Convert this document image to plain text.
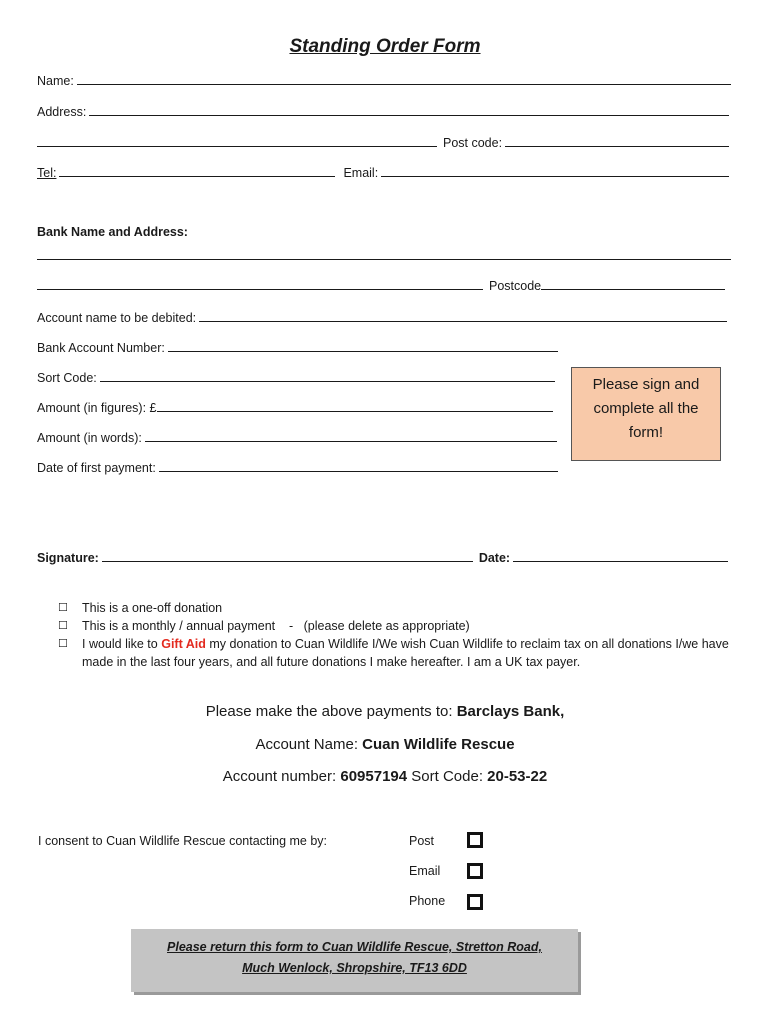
Standing Order Form
Name:
Address:
Post code:
Tel:	Email:
Bank Name and Address:
Postcode
Account name to be debited:
Bank Account Number:
Sort Code:
Amount (in figures): £
Amount (in words):
Date of first payment:
Please sign and
complete all the
form!
Signature:	Date:
☐	This is a one-off donation
☐	This is a monthly / annual payment    -   (please delete as appropriate)
☐	I would like to Gift Aid my donation to Cuan Wildlife I/We wish Cuan Wildlife to reclaim tax on all donations I/we have made in the last four years, and all future donations I make hereafter. I am a UK tax payer.
Please make the above payments to: Barclays Bank,
Account Name: Cuan Wildlife Rescue
Account number: 60957194 Sort Code: 20-53-22
I consent to Cuan Wildlife Rescue contacting me by:	Post
Email
Phone
Please return this form to Cuan Wildlife Rescue, Stretton Road,
Much Wenlock, Shropshire, TF13 6DD
